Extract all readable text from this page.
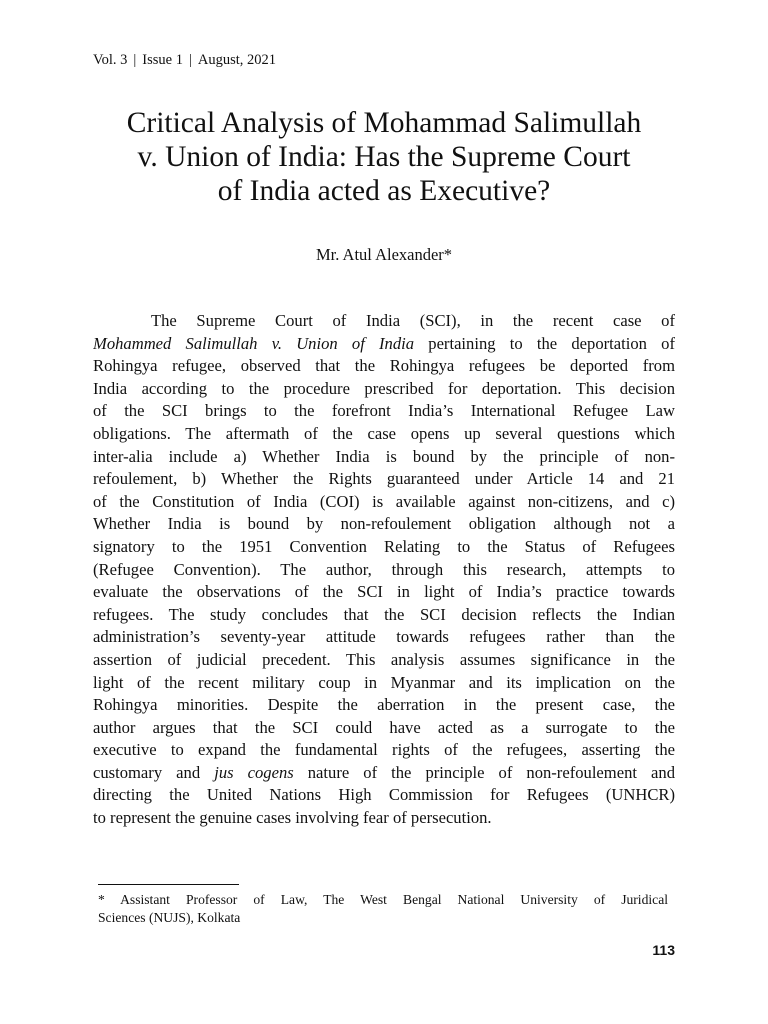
Vol. 3 | Issue 1 | August, 2021
Critical Analysis of Mohammad Salimullah
v. Union of India: Has the Supreme Court
of India acted as Executive?
Mr. Atul Alexander*
The Supreme Court of India (SCI), in the recent case of
Mohammed Salimullah v. Union of India pertaining to the deportation of
Rohingya refugee, observed that the Rohingya refugees be deported from
India according to the procedure prescribed for deportation. This decision
of the SCI brings to the forefront India’s International Refugee Law
obligations. The aftermath of the case opens up several questions which
inter-alia include a) Whether India is bound by the principle of non-
refoulement, b) Whether the Rights guaranteed under Article 14 and 21
of the Constitution of India (COI) is available against non-citizens, and c)
Whether India is bound by non-refoulement obligation although not a
signatory to the 1951 Convention Relating to the Status of Refugees
(Refugee Convention). The author, through this research, attempts to
evaluate the observations of the SCI in light of India’s practice towards
refugees. The study concludes that the SCI decision reflects the Indian
administration’s seventy-year attitude towards refugees rather than the
assertion of judicial precedent. This analysis assumes significance in the
light of the recent military coup in Myanmar and its implication on the
Rohingya minorities. Despite the aberration in the present case, the
author argues that the SCI could have acted as a surrogate to the
executive to expand the fundamental rights of the refugees, asserting the
customary and jus cogens nature of the principle of non-refoulement and
directing the United Nations High Commission for Refugees (UNHCR)
to represent the genuine cases involving fear of persecution.
* Assistant Professor of Law, The West Bengal National University of Juridical
Sciences (NUJS), Kolkata
113
